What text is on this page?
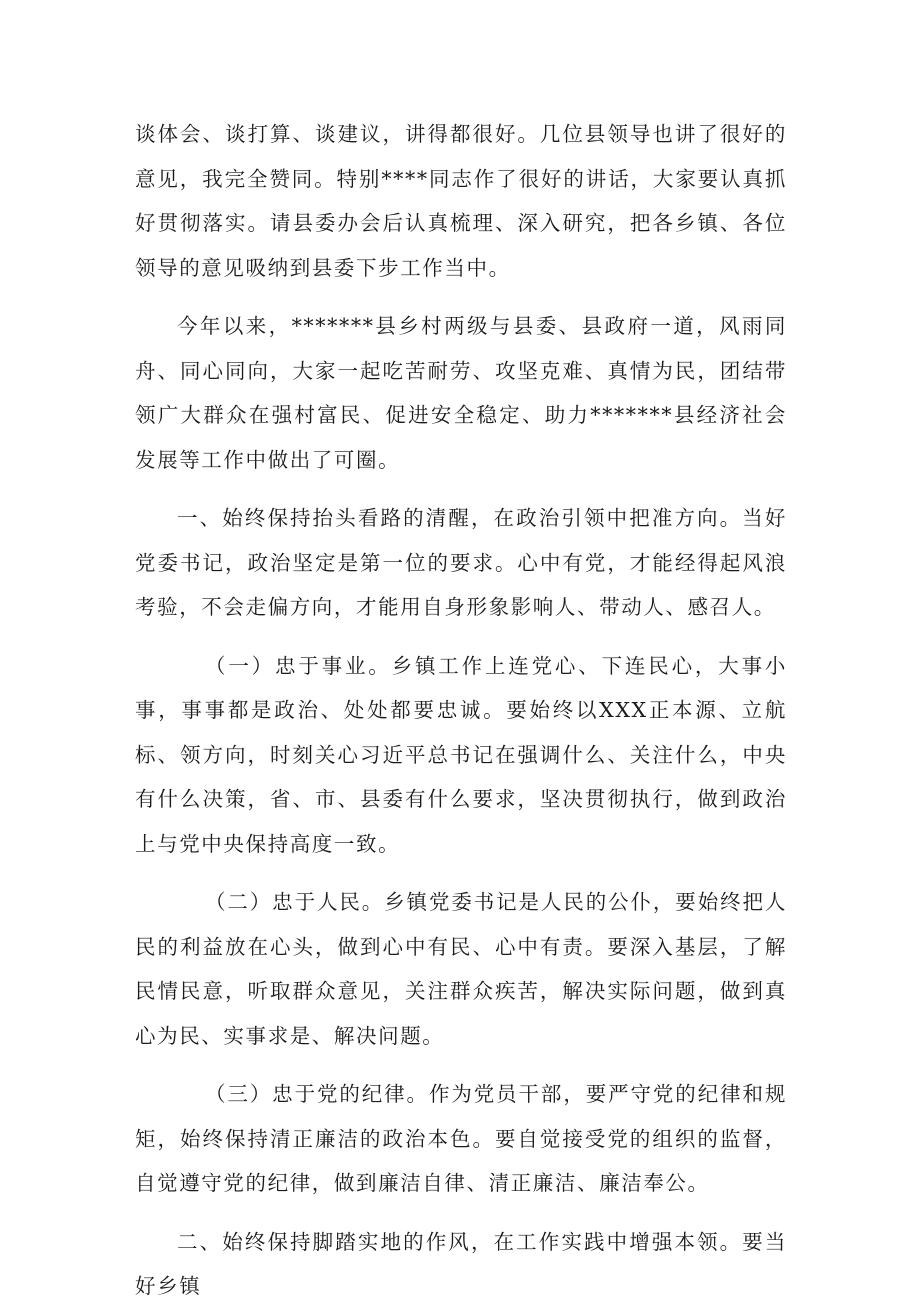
谈体会、谈打算、谈建议，讲得都很好。几位县领导也讲了很好的意见，我完全赞同。特别****同志作了很好的讲话，大家要认真抓好贯彻落实。请县委办会后认真梳理、深入研究，把各乡镇、各位领导的意见吸纳到县委下步工作当中。

今年以来，*******县乡村两级与县委、县政府一道，风雨同舟、同心同向，大家一起吃苦耐劳、攻坚克难、真情为民，团结带领广大群众在强村富民、促进安全稳定、助力*******县经济社会发展等工作中做出了可圈。

一、始终保持抬头看路的清醒，在政治引领中把准方向。当好党委书记，政治坚定是第一位的要求。心中有党，才能经得起风浪考验，不会走偏方向，才能用自身形象影响人、带动人、感召人。

（一）忠于事业。乡镇工作上连党心、下连民心，大事小事，事事都是政治、处处都要忠诚。要始终以XXX正本源、立航标、领方向，时刻关心习近平总书记在强调什么、关注什么，中央有什么决策，省、市、县委有什么要求，坚决贯彻执行，做到政治上与党中央保持高度一致。

（二）忠于人民。乡镇党委书记是人民的公仆，要始终把人民的利益放在心头，做到心中有民、心中有责。要深入基层，了解民情民意，听取群众意见，关注群众疾苦，解决实际问题，做到真心为民、实事求是、解决问题。

（三）忠于党的纪律。作为党员干部，要严守党的纪律和规矩，始终保持清正廉洁的政治本色。要自觉接受党的组织的监督，自觉遵守党的纪律，做到廉洁自律、清正廉洁、廉洁奉公。

二、始终保持脚踏实地的作风，在工作实践中增强本领。要当好乡镇
